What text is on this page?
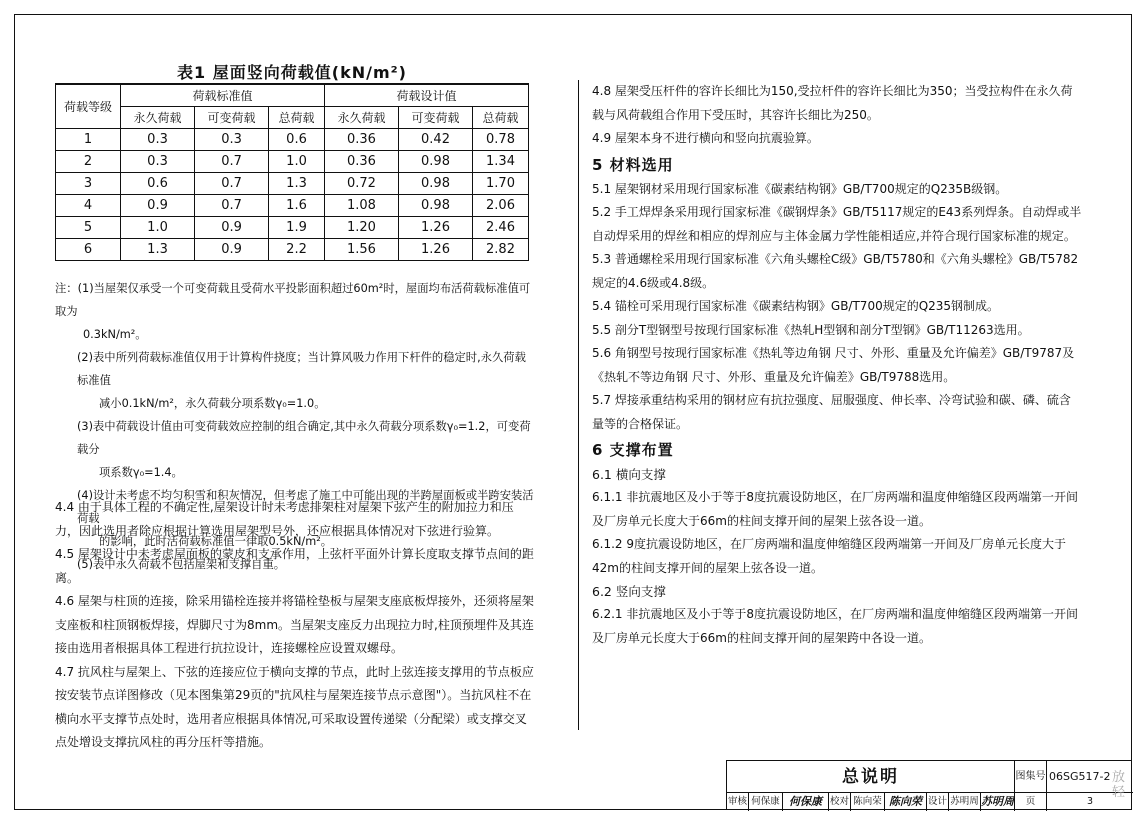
表1 屋面竖向荷载值(kN/m²)
荷载等级	荷载标准值			荷载设计值		
	永久荷载	可变荷载	总荷载	永久荷载	可变荷载	总荷载
1	0.3	0.3	0.6	0.36	0.42	0.78
2	0.3	0.7	1.0	0.36	0.98	1.34
3	0.6	0.7	1.3	0.72	0.98	1.70
4	0.9	0.7	1.6	1.08	0.98	2.06
5	1.0	0.9	1.9	1.20	1.26	2.46
6	1.3	0.9	2.2	1.56	1.26	2.82
注：(1)当屋架仅承受一个可变荷载且受荷水平投影面积超过60m²时，屋面均布活荷载标准值可取为
0.3kN/m²。
(2)表中所列荷载标准值仅用于计算构件挠度；当计算风吸力作用下杆件的稳定时,永久荷载标准值
减小0.1kN/m²，永久荷载分项系数γ₀=1.0。
(3)表中荷载设计值由可变荷载效应控制的组合确定,其中永久荷载分项系数γ₀=1.2，可变荷载分
项系数γ₀=1.4。
(4)设计未考虑不均匀积雪和积灰情况，但考虑了施工中可能出现的半跨屋面板或半跨安装活荷载
的影响，此时活荷载标准值一律取0.5kN/m²。
(5)表中永久荷载不包括屋架和支撑自重。
4.4 由于具体工程的不确定性,屋架设计时未考虑排架柱对屋架下弦产生的附加拉力和压力，因此选用者除应根据计算选用屋架型号外，还应根据具体情况对下弦进行验算。
4.5 屋架设计中未考虑屋面板的蒙皮和支承作用，上弦杆平面外计算长度取支撑节点间的距离。
4.6 屋架与柱顶的连接，除采用锚栓连接并将锚栓垫板与屋架支座底板焊接外，还须将屋架支座板和柱顶钢板焊接，焊脚尺寸为8mm。当屋架支座反力出现拉力时,柱顶预埋件及其连接由选用者根据具体工程进行抗拉设计，连接螺栓应设置双螺母。
4.7 抗风柱与屋架上、下弦的连接应位于横向支撑的节点，此时上弦连接支撑用的节点板应按安装节点详图修改（见本图集第29页的"抗风柱与屋架连接节点示意图"）。当抗风柱不在横向水平支撑节点处时，选用者应根据具体情况,可采取设置传递梁（分配梁）或支撑交叉点处增设支撑抗风柱的再分压杆等措施。
4.8 屋架受压杆件的容许长细比为150,受拉杆件的容许长细比为350；当受拉构件在永久荷载与风荷载组合作用下受压时，其容许长细比为250。
4.9 屋架本身不进行横向和竖向抗震验算。
5 材料选用
5.1 屋架钢材采用现行国家标准《碳素结构钢》GB/T700规定的Q235B级钢。
5.2 手工焊焊条采用现行国家标准《碳钢焊条》GB/T5117规定的E43系列焊条。自动焊或半自动焊采用的焊丝和相应的焊剂应与主体金属力学性能相适应,并符合现行国家标准的规定。
5.3 普通螺栓采用现行国家标准《六角头螺栓C级》GB/T5780和《六角头螺栓》GB/T5782规定的4.6级或4.8级。
5.4 锚栓可采用现行国家标准《碳素结构钢》GB/T700规定的Q235钢制成。
5.5 剖分T型钢型号按现行国家标准《热轧H型钢和剖分T型钢》GB/T11263选用。
5.6 角钢型号按现行国家标准《热轧等边角钢 尺寸、外形、重量及允许偏差》GB/T9787及《热轧不等边角钢 尺寸、外形、重量及允许偏差》GB/T9788选用。
5.7 焊接承重结构采用的钢材应有抗拉强度、屈服强度、伸长率、冷弯试验和碳、磷、硫含量等的合格保证。
6 支撑布置
6.1 横向支撑
6.1.1 非抗震地区及小于等于8度抗震设防地区，在厂房两端和温度伸缩缝区段两端第一开间及厂房单元长度大于66m的柱间支撑开间的屋架上弦各设一道。
6.1.2 9度抗震设防地区，在厂房两端和温度伸缩缝区段两端第一开间及厂房单元长度大于42m的柱间支撑开间的屋架上弦各设一道。
6.2 竖向支撑
6.2.1 非抗震地区及小于等于8度抗震设防地区，在厂房两端和温度伸缩缝区段两端第一开间及厂房单元长度大于66m的柱间支撑开间的屋架跨中各设一道。
总说明	图集号 06SG517-2
审核 何保康 何保康 校对 陈向荣 陈向荣 设计 苏明周 苏明周	页	3
放
轻
